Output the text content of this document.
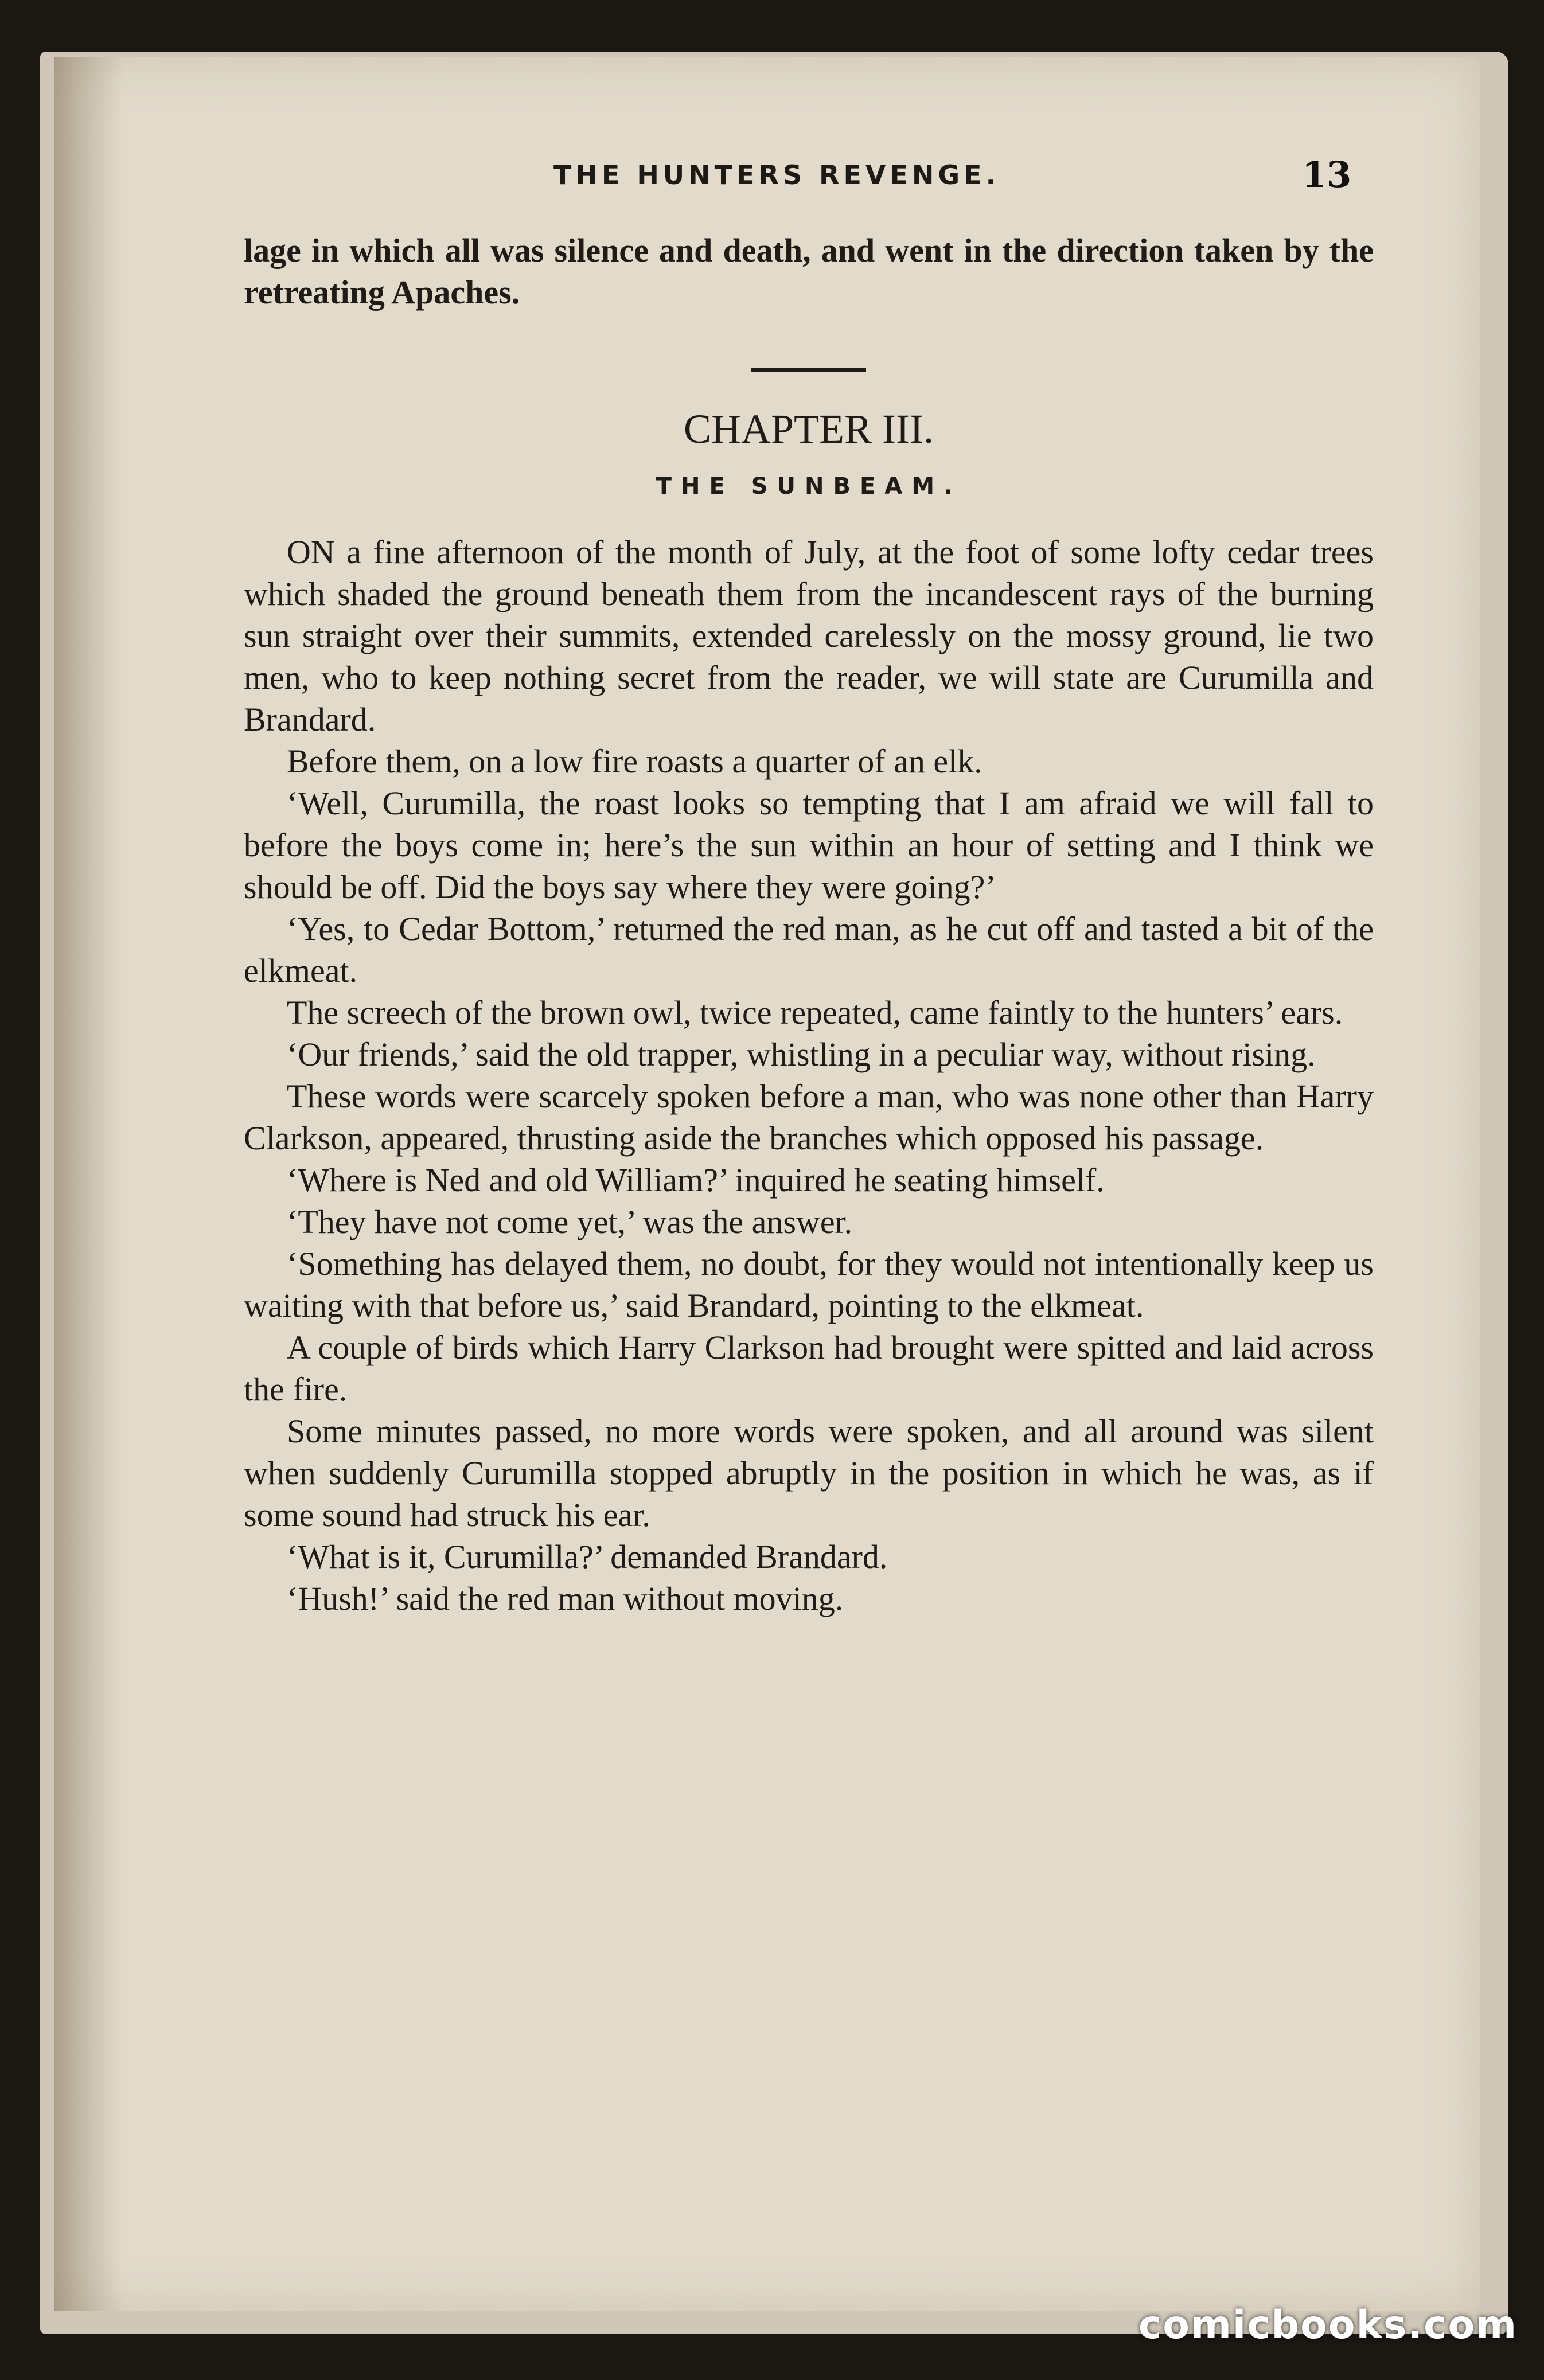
THE HUNTERS REVENGE.	13

lage in which all was silence and death, and went in the direction taken by the retreating Apaches.

CHAPTER III.
THE SUNBEAM.

ON a fine afternoon of the month of July, at the foot of some lofty cedar trees which shaded the ground beneath them from the incandescent rays of the burning sun straight over their summits, extended carelessly on the mossy ground, lie two men, who to keep nothing secret from the reader, we will state are Curumilla and Brandard.

Before them, on a low fire roasts a quarter of an elk.

‘Well, Curumilla, the roast looks so tempting that I am afraid we will fall to before the boys come in; here’s the sun within an hour of setting and I think we should be off. Did the boys say where they were going?’

‘Yes, to Cedar Bottom,’ returned the red man, as he cut off and tasted a bit of the elkmeat.

The screech of the brown owl, twice repeated, came faintly to the hunters’ ears.

‘Our friends,’ said the old trapper, whistling in a peculiar way, without rising.

These words were scarcely spoken before a man, who was none other than Harry Clarkson, appeared, thrusting aside the branches which opposed his passage.

‘Where is Ned and old William?’ inquired he seating himself.

‘They have not come yet,’ was the answer.

‘Something has delayed them, no doubt, for they would not intentionally keep us waiting with that before us,’ said Brandard, pointing to the elkmeat.

A couple of birds which Harry Clarkson had brought were spitted and laid across the fire.

Some minutes passed, no more words were spoken, and all around was silent when suddenly Curumilla stopped abruptly in the position in which he was, as if some sound had struck his ear.

‘What is it, Curumilla?’ demanded Brandard.

‘Hush!’ said the red man without moving.

comicbooks.com
